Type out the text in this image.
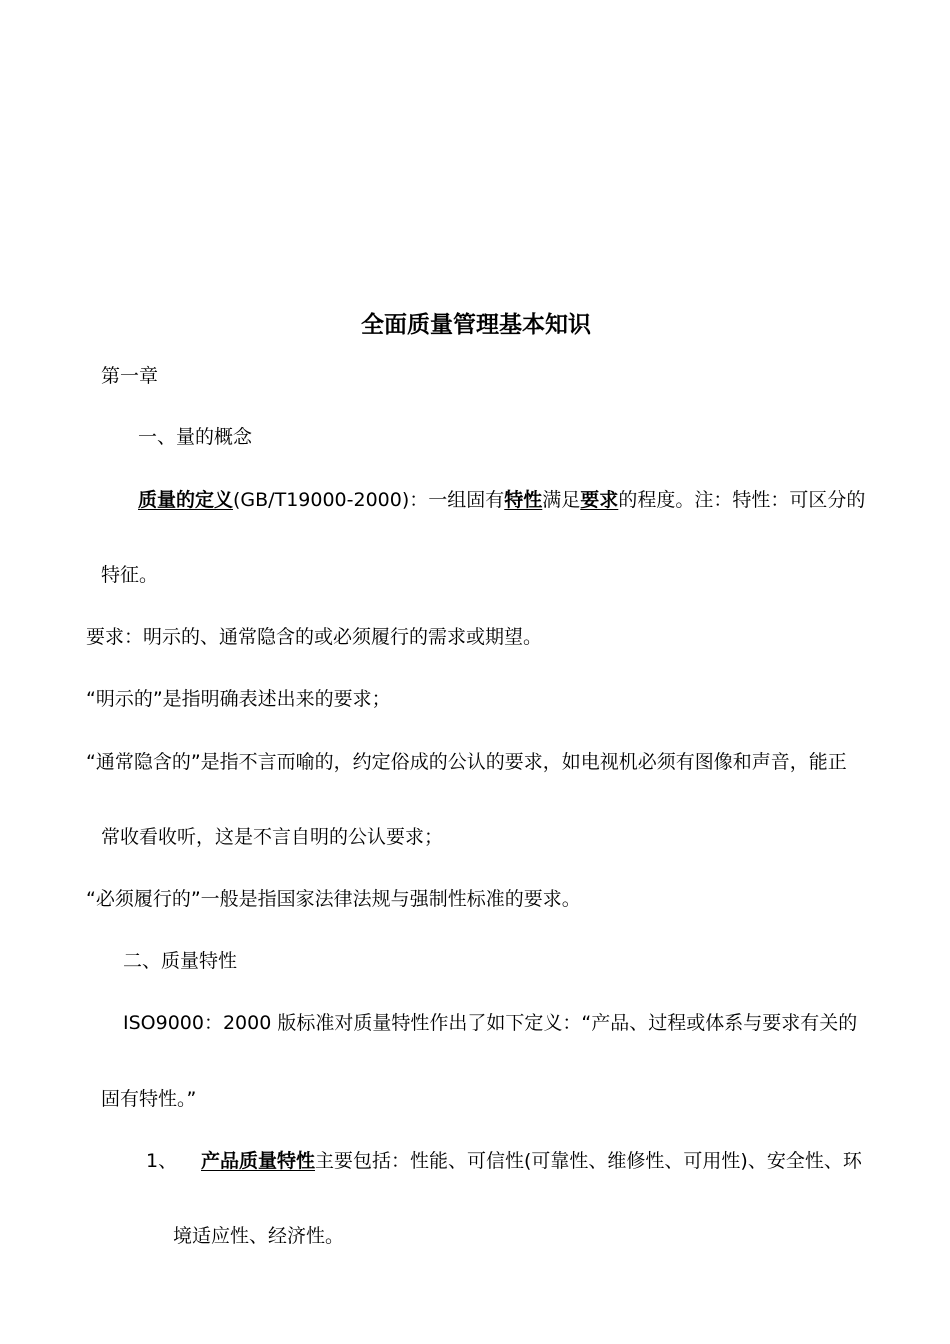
全面质量管理基本知识
第一章
一、量的概念
质量的定义(GB/T19000-2000)：一组固有特性满足要求的程度。注：特性：可区分的
特征。
要求：明示的、通常隐含的或必须履行的需求或期望。
“明示的”是指明确表述出来的要求；
“通常隐含的”是指不言而喻的，约定俗成的公认的要求，如电视机必须有图像和声音，能正
常收看收听，这是不言自明的公认要求；
“必须履行的”一般是指国家法律法规与强制性标准的要求。
二、质量特性
ISO9000：2000 版标准对质量特性作出了如下定义：“产品、过程或体系与要求有关的
固有特性。”
1、 产品质量特性主要包括：性能、可信性(可靠性、维修性、可用性)、安全性、环
境适应性、经济性。
